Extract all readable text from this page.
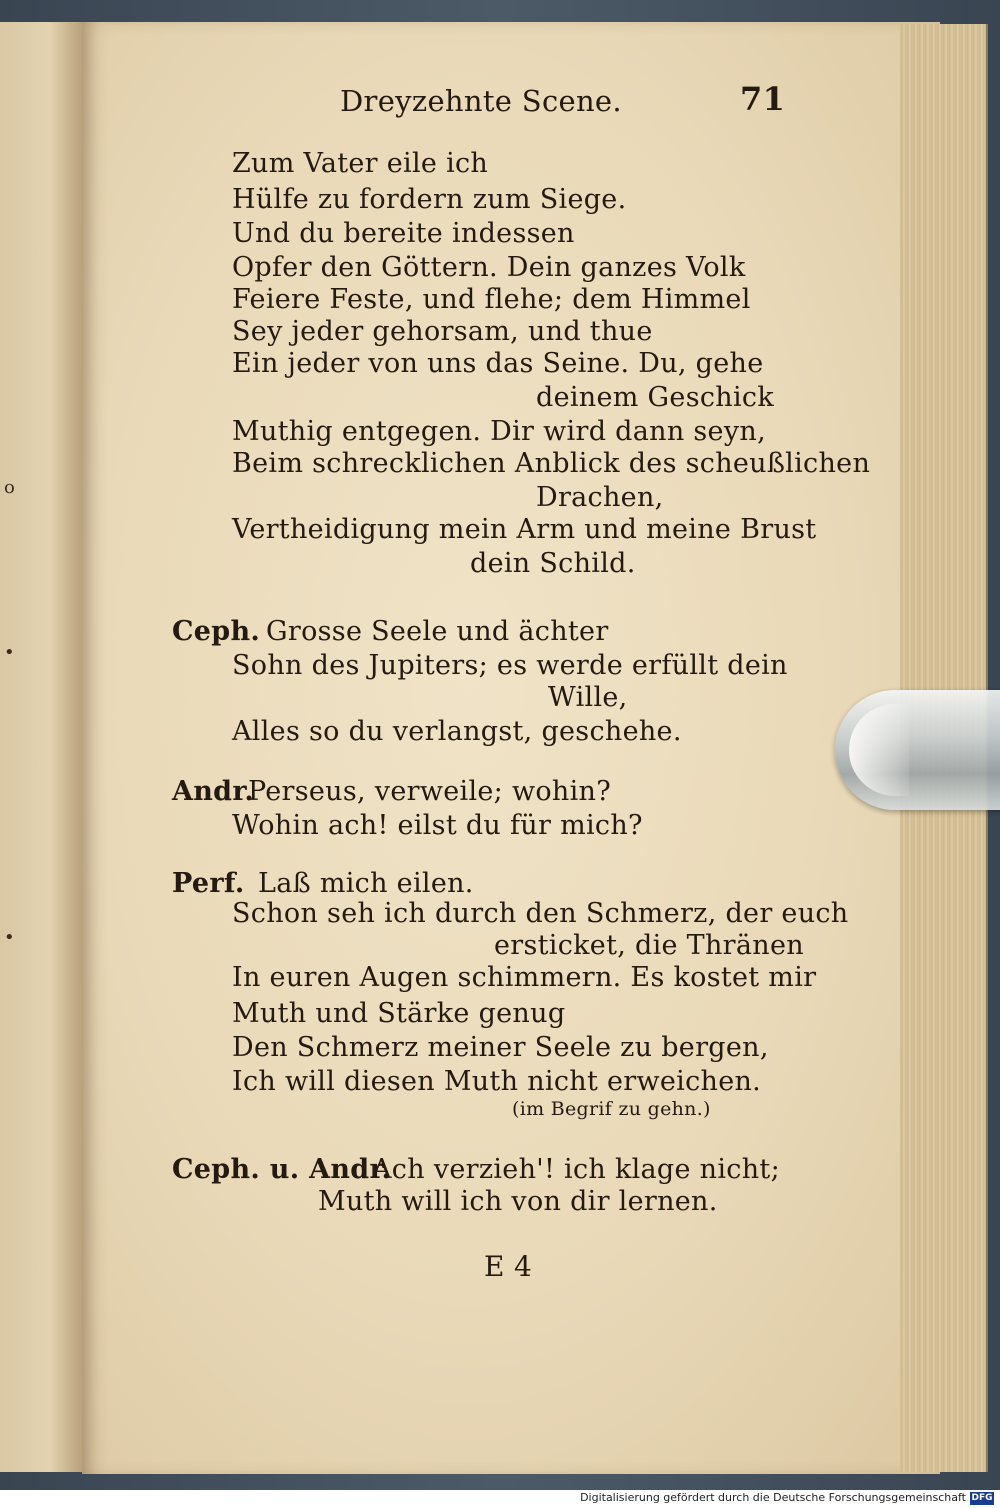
o
•
•
Dreyzehnte Scene.	71
Zum Vater eile ich
Hülfe zu fordern zum Siege.
Und du bereite indessen
Opfer den Göttern. Dein ganzes Volk
Feiere Feste, und flehe; dem Himmel
Sey jeder gehorsam, und thue
Ein jeder von uns das Seine. Du, gehe
deinem Geschick
Muthig entgegen. Dir wird dann seyn,
Beim schrecklichen Anblick des scheußlichen
Drachen,
Vertheidigung mein Arm und meine Brust
dein Schild.
Ceph. Grosse Seele und ächter
Sohn des Jupiters; es werde erfüllt dein
Wille,
Alles so du verlangst, geschehe.
Andr.
Perseus, verweile; wohin?
Wohin ach! eilst du für mich?
Perf. Laß mich eilen.
Schon seh ich durch den Schmerz, der euch
ersticket, die Thränen
In euren Augen schimmern. Es kostet mir
Muth und Stärke genug
Den Schmerz meiner Seele zu bergen,
Ich will diesen Muth nicht erweichen.
(im Begrif zu gehn.)
Ceph. u. Andr.
Ach verzieh'! ich klage nicht;
Muth will ich von dir lernen.
E 4
Digitalisierung gefördert durch die Deutsche Forschungsgemeinschaft DFG
